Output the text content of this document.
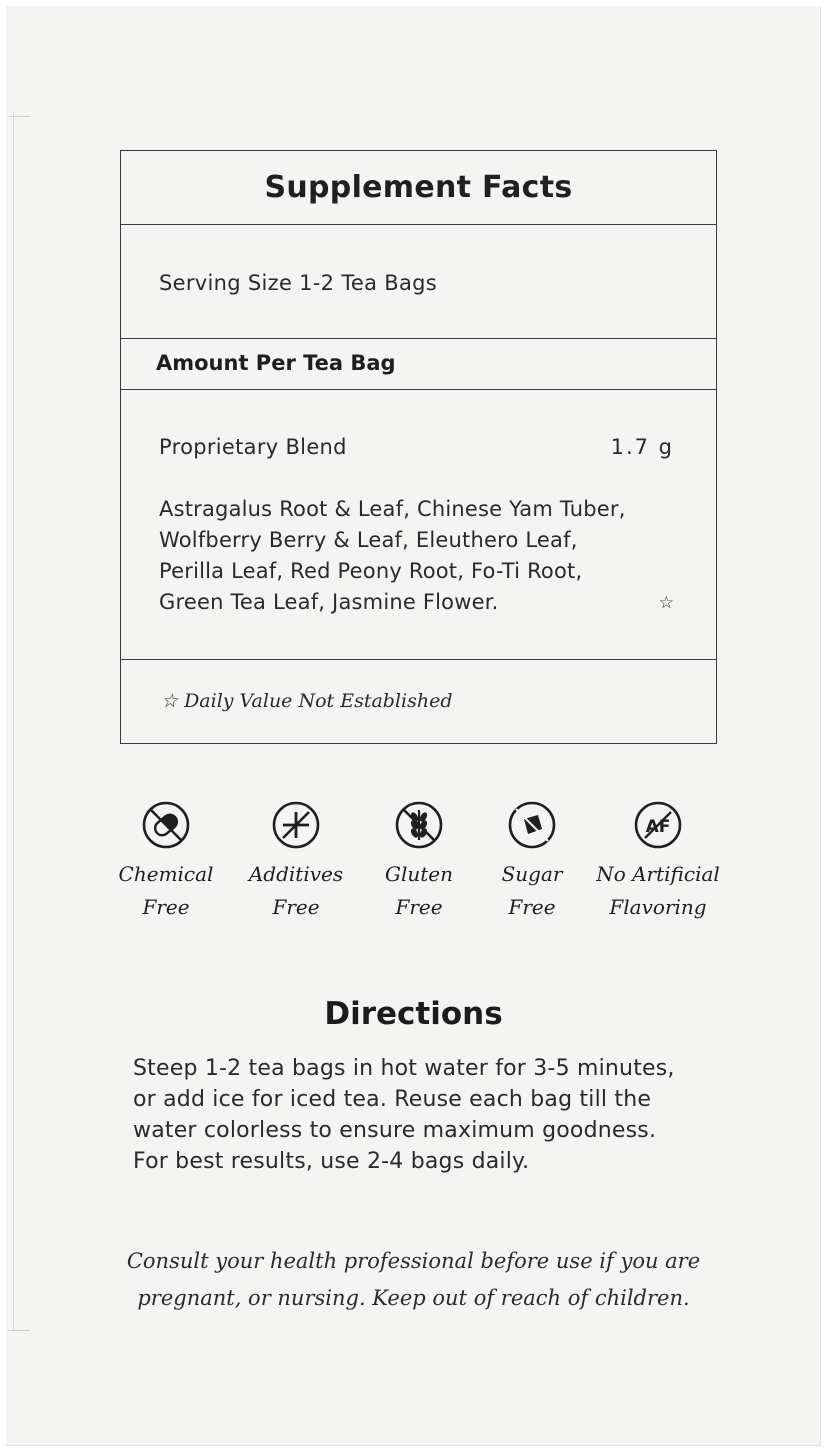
Supplement Facts
Serving Size 1-2 Tea Bags
Amount Per Tea Bag
Proprietary Blend	1.7 g

Astragalus Root & Leaf, Chinese Yam Tuber,
Wolfberry Berry & Leaf, Eleuthero Leaf,
Perilla Leaf, Red Peony Root, Fo-Ti Root,
Green Tea Leaf, Jasmine Flower.	☆
☆ Daily Value Not Established
Chemical
Free
Additives
Free
Gluten
Free
Sugar
Free
AF
No Artificial
Flavoring
Directions

Steep 1-2 tea bags in hot water for 3-5 minutes,
or add ice for iced tea. Reuse each bag till the
water colorless to ensure maximum goodness.
For best results, use 2-4 bags daily.

Consult your health professional before use if you are
pregnant, or nursing. Keep out of reach of children.
